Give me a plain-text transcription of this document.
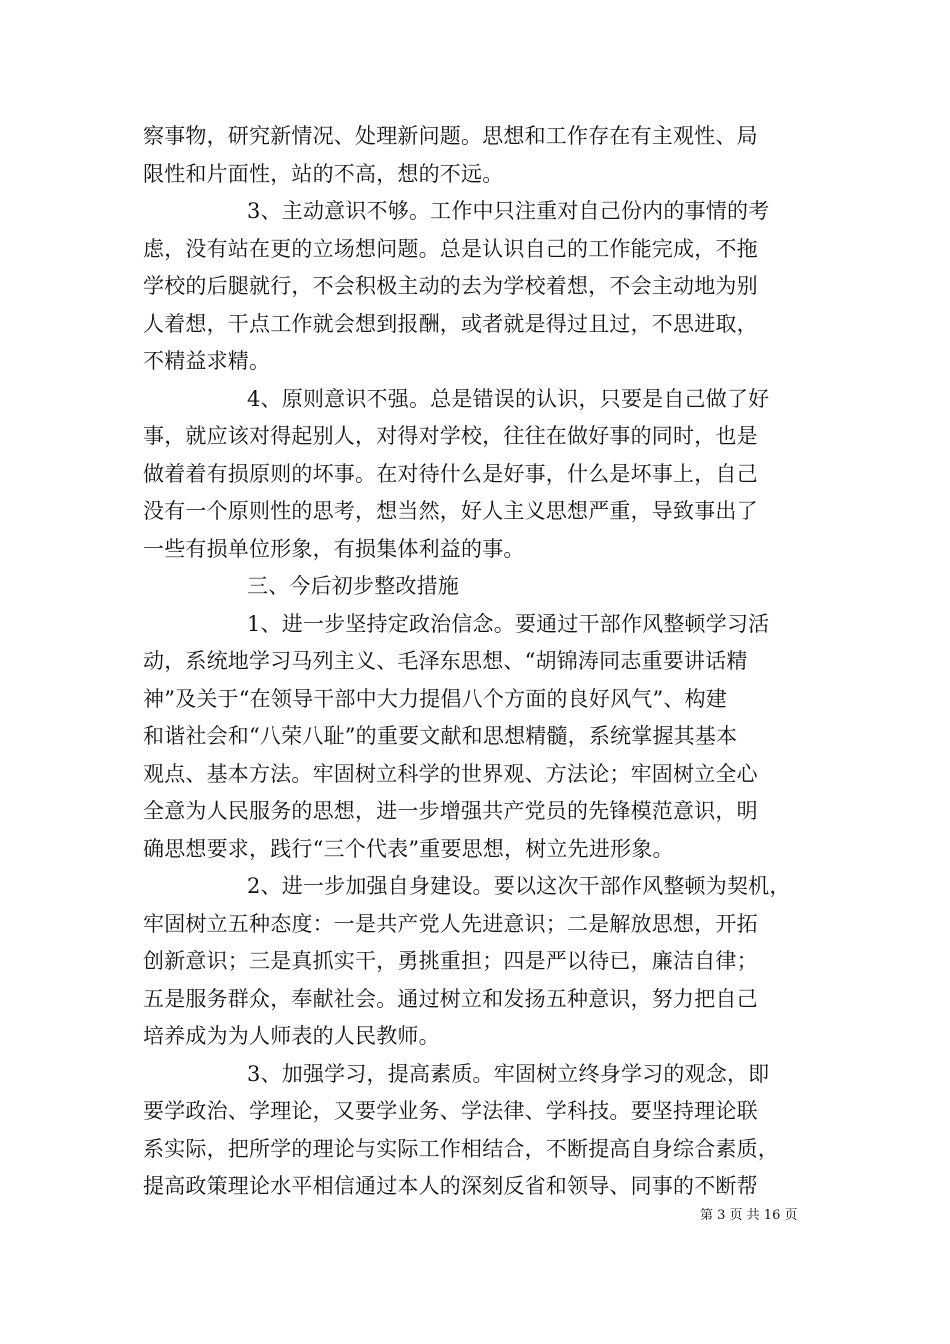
察事物，研究新情况、处理新问题。思想和工作存在有主观性、局
限性和片面性，站的不高，想的不远。
3、主动意识不够。工作中只注重对自己份内的事情的考
虑，没有站在更的立场想问题。总是认识自己的工作能完成，不拖
学校的后腿就行，不会积极主动的去为学校着想，不会主动地为别
人着想，干点工作就会想到报酬，或者就是得过且过，不思进取，
不精益求精。
4、原则意识不强。总是错误的认识，只要是自己做了好
事，就应该对得起别人，对得对学校，往往在做好事的同时，也是
做着着有损原则的坏事。在对待什么是好事，什么是坏事上，自己
没有一个原则性的思考，想当然，好人主义思想严重，导致事出了
一些有损单位形象，有损集体利益的事。
三、今后初步整改措施
1、进一步坚持定政治信念。要通过干部作风整顿学习活
动，系统地学习马列主义、毛泽东思想、“胡锦涛同志重要讲话精
神”及关于“在领导干部中大力提倡八个方面的良好风气”、构建
和谐社会和“八荣八耻”的重要文献和思想精髓，系统掌握其基本
观点、基本方法。牢固树立科学的世界观、方法论；牢固树立全心
全意为人民服务的思想，进一步增强共产党员的先锋模范意识，明
确思想要求，践行“三个代表”重要思想，树立先进形象。
2、进一步加强自身建设。要以这次干部作风整顿为契机，
牢固树立五种态度：一是共产党人先进意识；二是解放思想，开拓
创新意识；三是真抓实干，勇挑重担；四是严以待已，廉洁自律；
五是服务群众，奉献社会。通过树立和发扬五种意识，努力把自己
培养成为为人师表的人民教师。
3、加强学习，提高素质。牢固树立终身学习的观念，即
要学政治、学理论，又要学业务、学法律、学科技。要坚持理论联
系实际，把所学的理论与实际工作相结合，不断提高自身综合素质，
提高政策理论水平相信通过本人的深刻反省和领导、同事的不断帮
第 3 页 共 16 页
